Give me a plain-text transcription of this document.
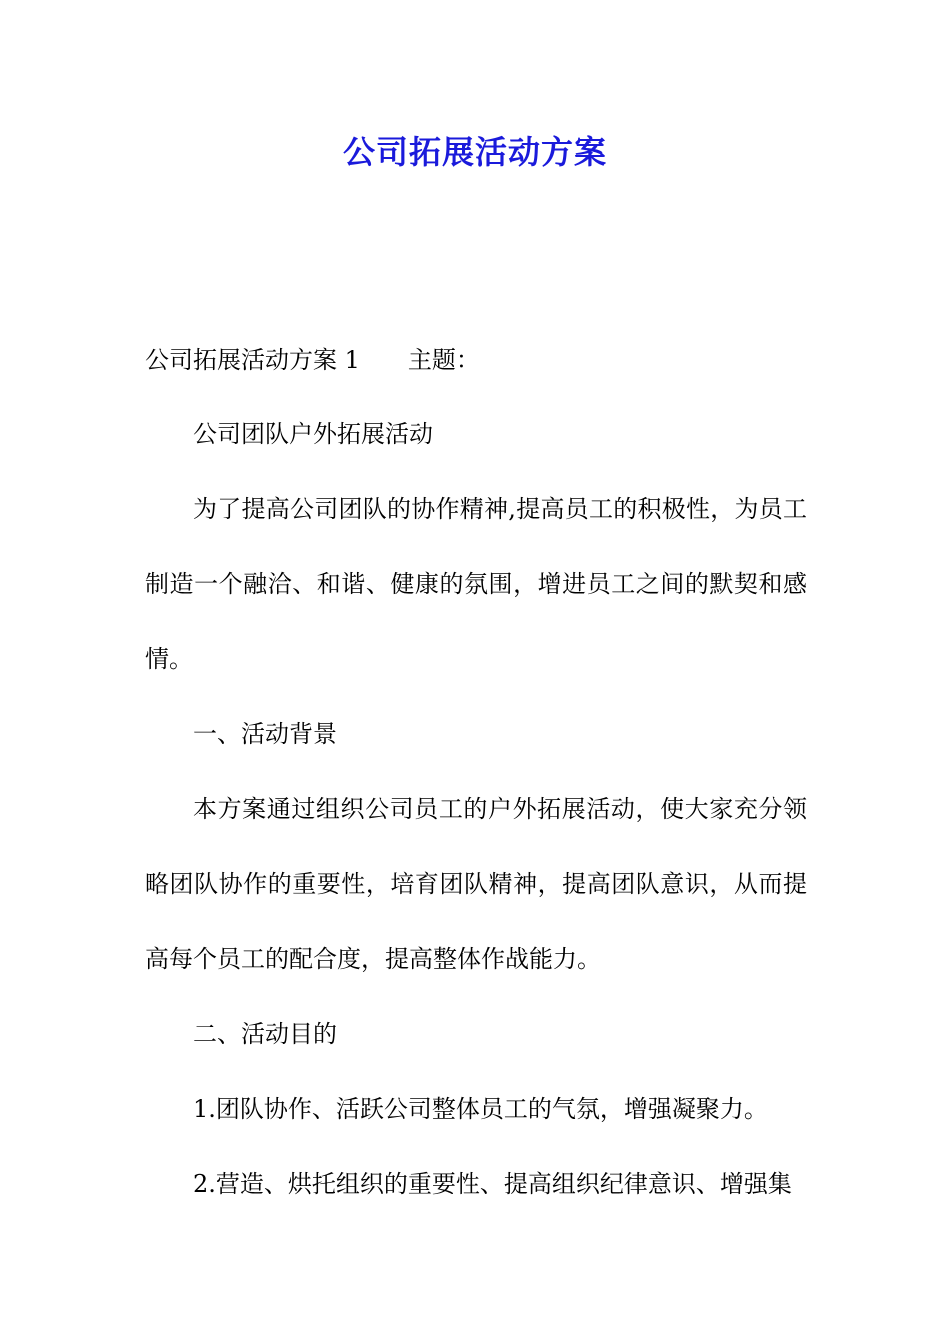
公司拓展活动方案
公司拓展活动方案 1 主题：
公司团队户外拓展活动
为了提高公司团队的协作精神,提高员工的积极性，为员工制造一个融洽、和谐、健康的氛围，增进员工之间的默契和感情。
一、活动背景
本方案通过组织公司员工的户外拓展活动，使大家充分领略团队协作的重要性，培育团队精神，提高团队意识，从而提高每个员工的配合度，提高整体作战能力。
二、活动目的
1.团队协作、活跃公司整体员工的气氛，增强凝聚力。
2.营造、烘托组织的重要性、提高组织纪律意识、增强集
